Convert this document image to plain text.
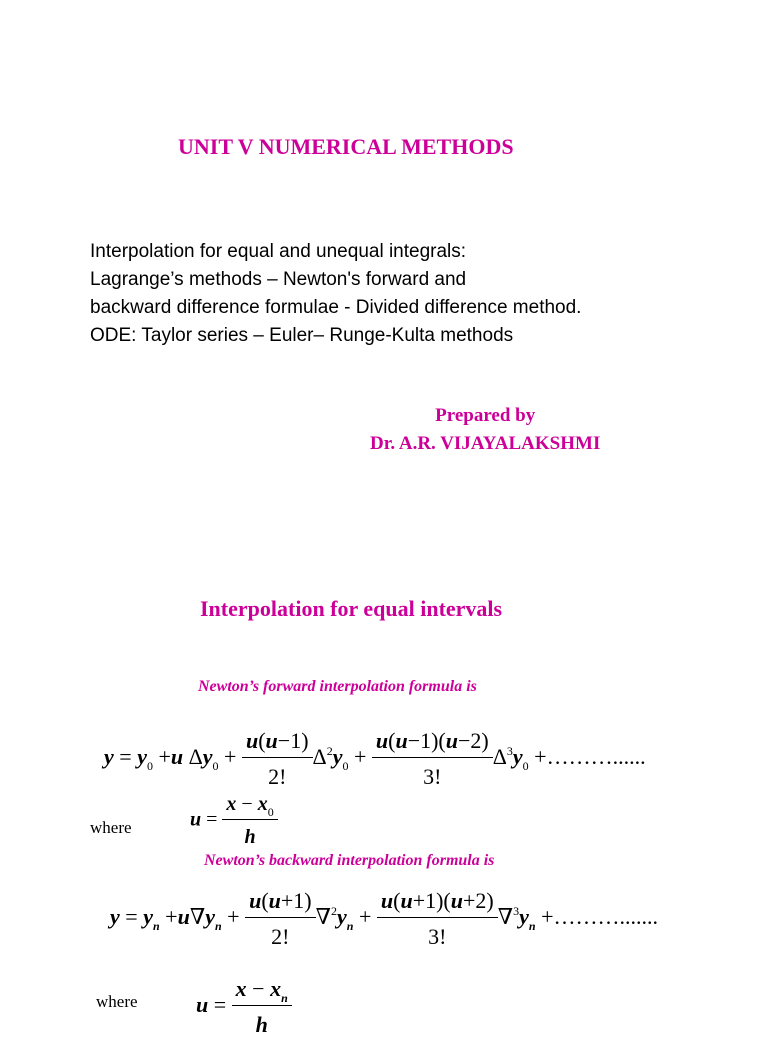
UNIT V NUMERICAL METHODS
Interpolation for equal and unequal integrals:
Lagrange’s methods – Newton's forward and
backward difference formulae - Divided difference method.
ODE: Taylor series – Euler– Runge-Kulta methods
Prepared by
Dr. A.R. VIJAYALAKSHMI
Interpolation for equal intervals
Newton’s forward interpolation formula is
$y = y_0 +u$ $\Delta y_0 + \frac{u(u-1)}{2!} \Delta^2y_0 + \frac{u(u-1)(u-2)}{3!} \Delta^3y_0$ +………......
where	$u = \frac{x - x_0}{h}$
Newton’s backward interpolation formula is
$y = y_n +u\nabla y_n + \frac{u(u+1)}{2!} \nabla^2y_n + \frac{u(u+1)(u+2)}{3!} \nabla^3y_n$ +……….......
where	$u = \frac{x - x_n}{h}$
